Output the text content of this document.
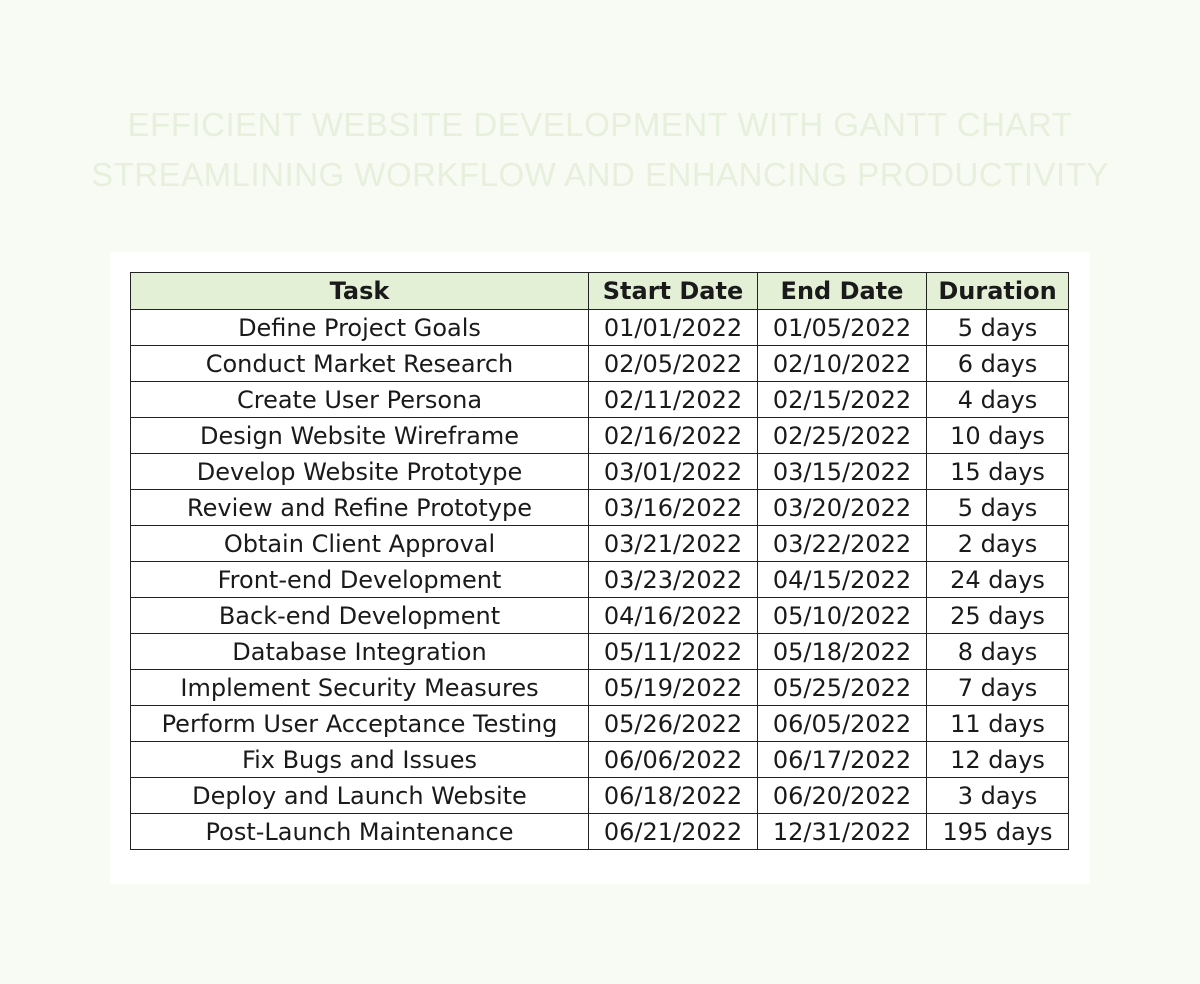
EFFICIENT WEBSITE DEVELOPMENT WITH GANTT CHART
STREAMLINING WORKFLOW AND ENHANCING PRODUCTIVITY
Task	Start Date	End Date	Duration
Define Project Goals	01/01/2022	01/05/2022	5 days
Conduct Market Research	02/05/2022	02/10/2022	6 days
Create User Persona	02/11/2022	02/15/2022	4 days
Design Website Wireframe	02/16/2022	02/25/2022	10 days
Develop Website Prototype	03/01/2022	03/15/2022	15 days
Review and Refine Prototype	03/16/2022	03/20/2022	5 days
Obtain Client Approval	03/21/2022	03/22/2022	2 days
Front-end Development	03/23/2022	04/15/2022	24 days
Back-end Development	04/16/2022	05/10/2022	25 days
Database Integration	05/11/2022	05/18/2022	8 days
Implement Security Measures	05/19/2022	05/25/2022	7 days
Perform User Acceptance Testing	05/26/2022	06/05/2022	11 days
Fix Bugs and Issues	06/06/2022	06/17/2022	12 days
Deploy and Launch Website	06/18/2022	06/20/2022	3 days
Post-Launch Maintenance	06/21/2022	12/31/2022	195 days
